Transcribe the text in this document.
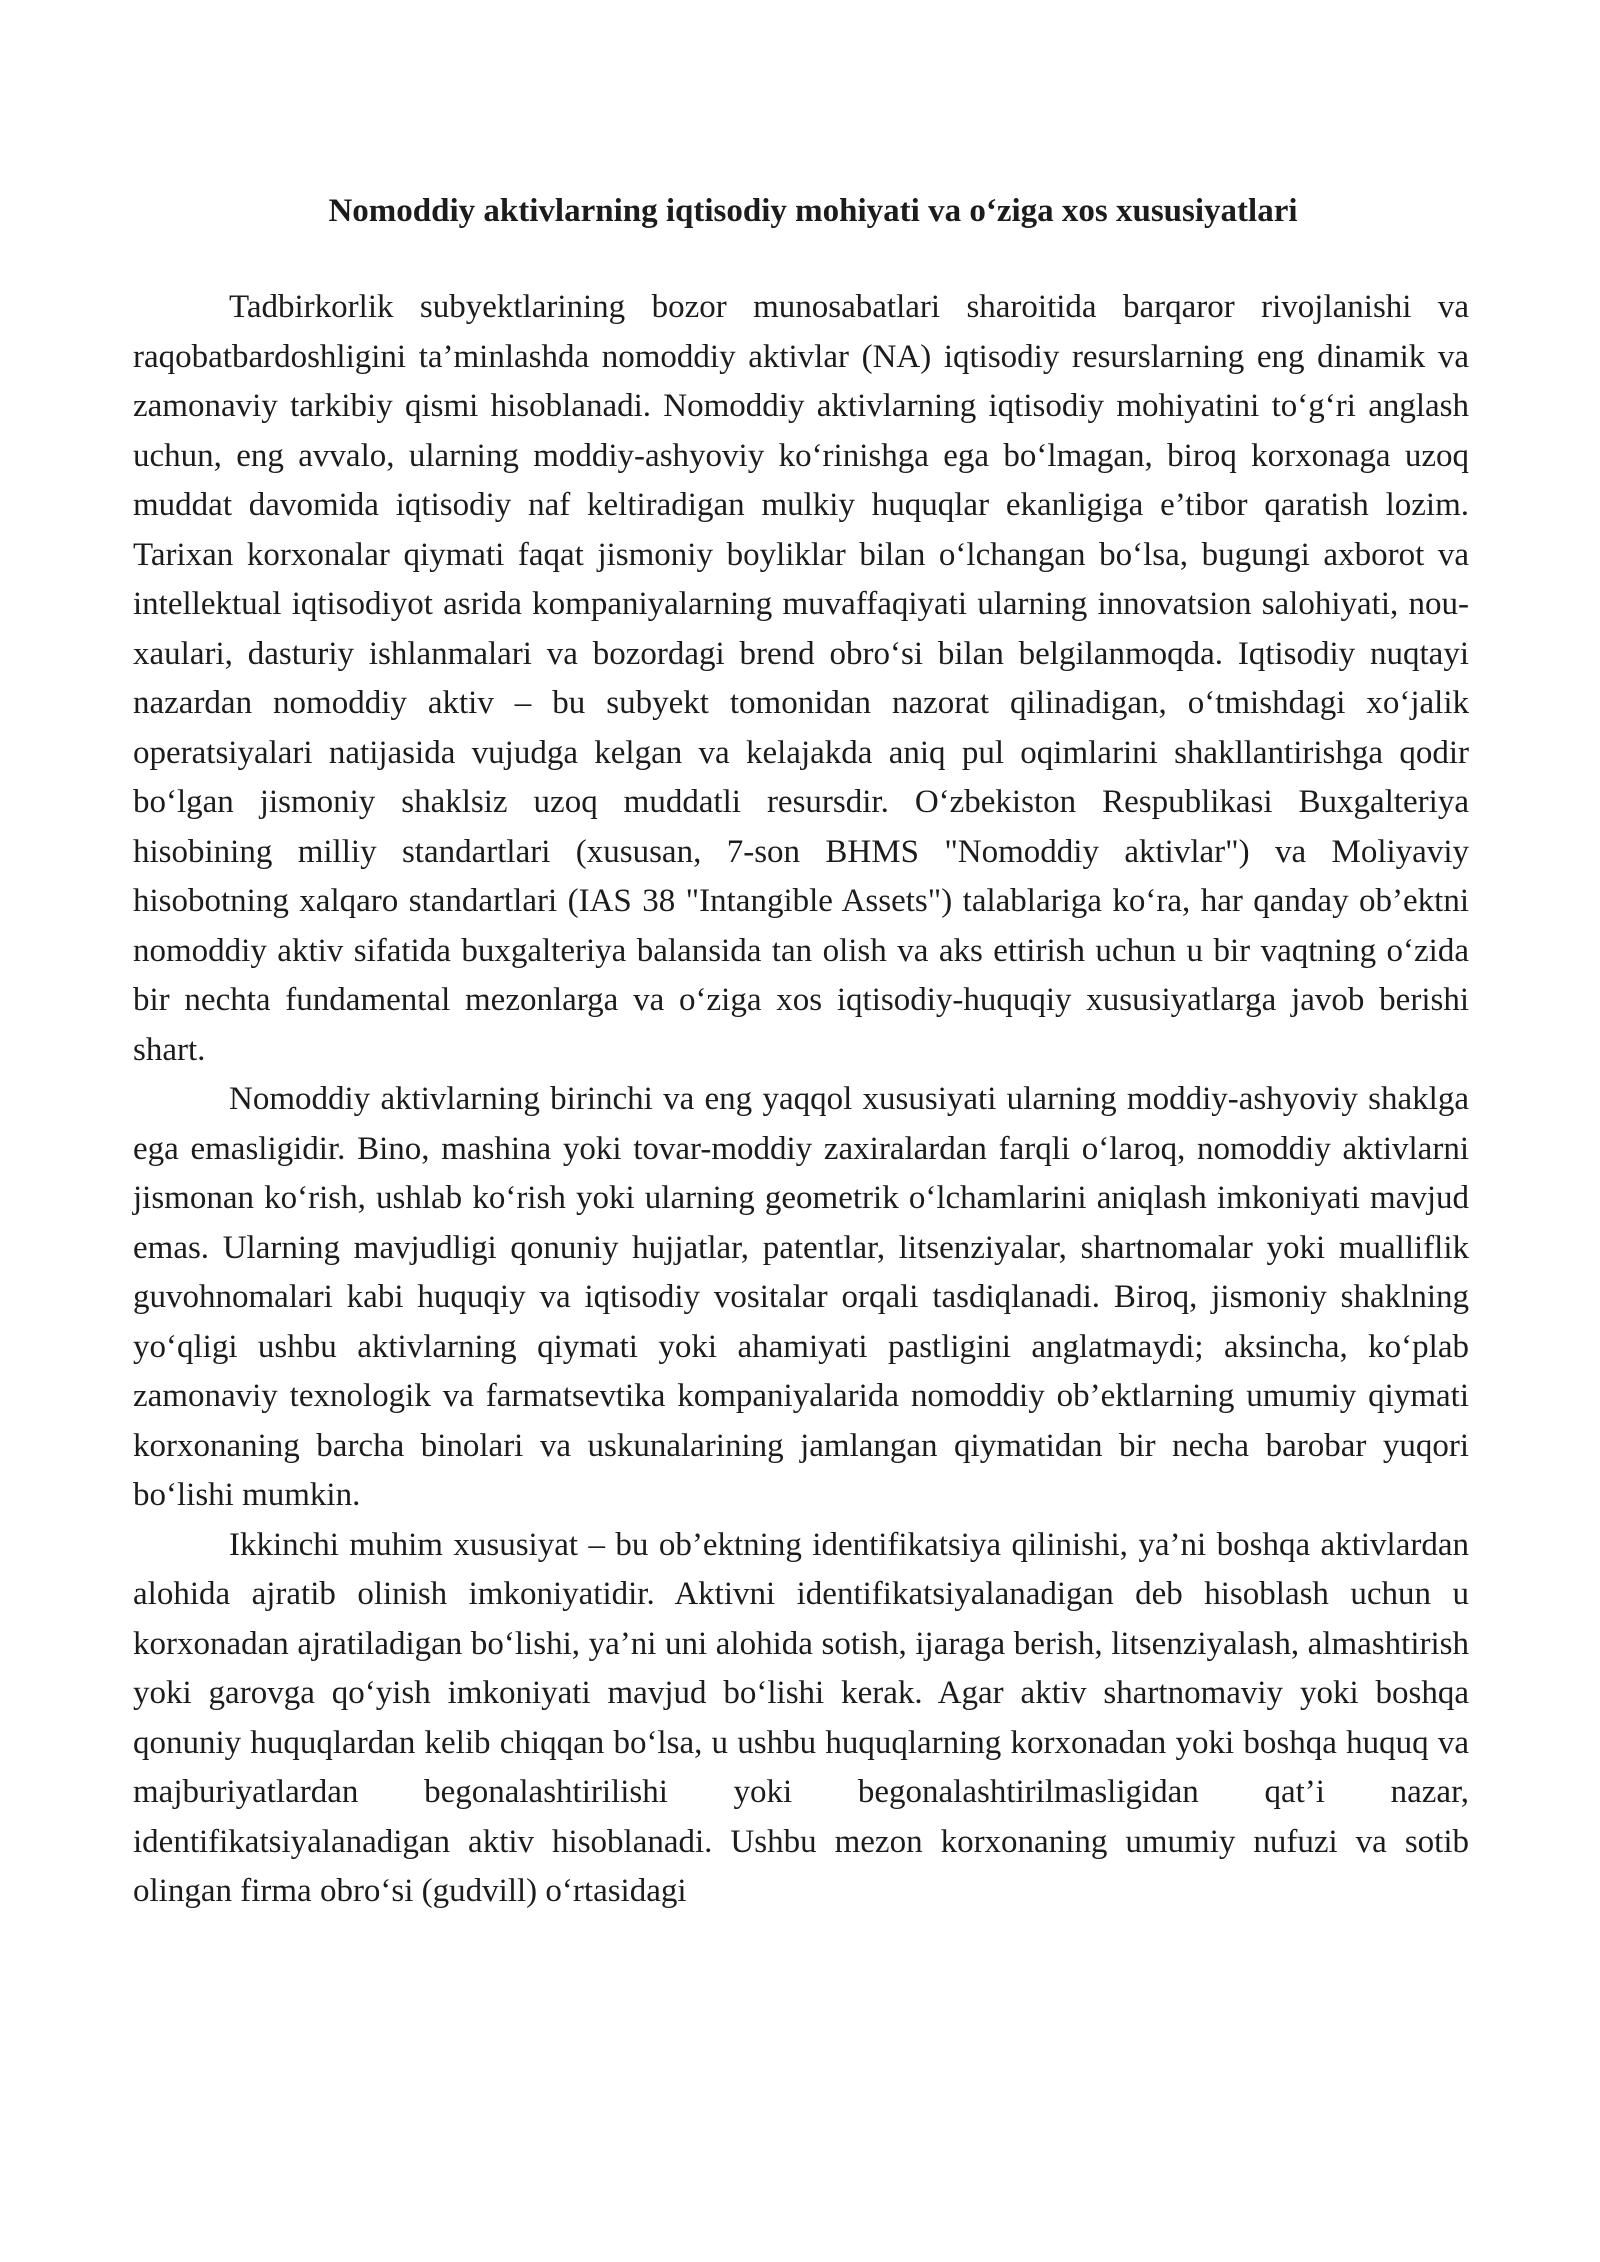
Nomoddiy aktivlarning iqtisodiy mohiyati va o‘ziga xos xususiyatlari

Tadbirkorlik subyektlarining bozor munosabatlari sharoitida barqaror rivojlanishi va raqobatbardoshligini ta’minlashda nomoddiy aktivlar (NA) iqtisodiy resurslarning eng dinamik va zamonaviy tarkibiy qismi hisoblanadi. Nomoddiy aktivlarning iqtisodiy mohiyatini to‘g‘ri anglash uchun, eng avvalo, ularning moddiy-ashyoviy ko‘rinishga ega bo‘lmagan, biroq korxonaga uzoq muddat davomida iqtisodiy naf keltiradigan mulkiy huquqlar ekanligiga e’tibor qaratish lozim. Tarixan korxonalar qiymati faqat jismoniy boyliklar bilan o‘lchangan bo‘lsa, bugungi axborot va intellektual iqtisodiyot asrida kompaniyalarning muvaffaqiyati ularning innovatsion salohiyati, nou-xaulari, dasturiy ishlanmalari va bozordagi brend obro‘si bilan belgilanmoqda. Iqtisodiy nuqtayi nazardan nomoddiy aktiv – bu subyekt tomonidan nazorat qilinadigan, o‘tmishdagi xo‘jalik operatsiyalari natijasida vujudga kelgan va kelajakda aniq pul oqimlarini shakllantirishga qodir bo‘lgan jismoniy shaklsiz uzoq muddatli resursdir. O‘zbekiston Respublikasi Buxgalteriya hisobining milliy standartlari (xususan, 7-son BHMS "Nomoddiy aktivlar") va Moliyaviy hisobotning xalqaro standartlari (IAS 38 "Intangible Assets") talablariga ko‘ra, har qanday ob’ektni nomoddiy aktiv sifatida buxgalteriya balansida tan olish va aks ettirish uchun u bir vaqtning o‘zida bir nechta fundamental mezonlarga va o‘ziga xos iqtisodiy-huquqiy xususiyatlarga javob berishi shart.

Nomoddiy aktivlarning birinchi va eng yaqqol xususiyati ularning moddiy-ashyoviy shaklga ega emasligidir. Bino, mashina yoki tovar-moddiy zaxiralardan farqli o‘laroq, nomoddiy aktivlarni jismonan ko‘rish, ushlab ko‘rish yoki ularning geometrik o‘lchamlarini aniqlash imkoniyati mavjud emas. Ularning mavjudligi qonuniy hujjatlar, patentlar, litsenziyalar, shartnomalar yoki mualliflik guvohnomalari kabi huquqiy va iqtisodiy vositalar orqali tasdiqlanadi. Biroq, jismoniy shaklning yo‘qligi ushbu aktivlarning qiymati yoki ahamiyati pastligini anglatmaydi; aksincha, ko‘plab zamonaviy texnologik va farmatsevtika kompaniyalarida nomoddiy ob’ektlarning umumiy qiymati korxonaning barcha binolari va uskunalarining jamlangan qiymatidan bir necha barobar yuqori bo‘lishi mumkin.

Ikkinchi muhim xususiyat – bu ob’ektning identifikatsiya qilinishi, ya’ni boshqa aktivlardan alohida ajratib olinish imkoniyatidir. Aktivni identifikatsiyalanadigan deb hisoblash uchun u korxonadan ajratiladigan bo‘lishi, ya’ni uni alohida sotish, ijaraga berish, litsenziyalash, almashtirish yoki garovga qo‘yish imkoniyati mavjud bo‘lishi kerak. Agar aktiv shartnomaviy yoki boshqa qonuniy huquqlardan kelib chiqqan bo‘lsa, u ushbu huquqlarning korxonadan yoki boshqa huquq va majburiyatlardan begonalashtirilishi yoki begonalashtirilmasligidan qat’i nazar, identifikatsiyalanadigan aktiv hisoblanadi. Ushbu mezon korxonaning umumiy nufuzi va sotib olingan firma obro‘si (gudvill) o‘rtasidagi
